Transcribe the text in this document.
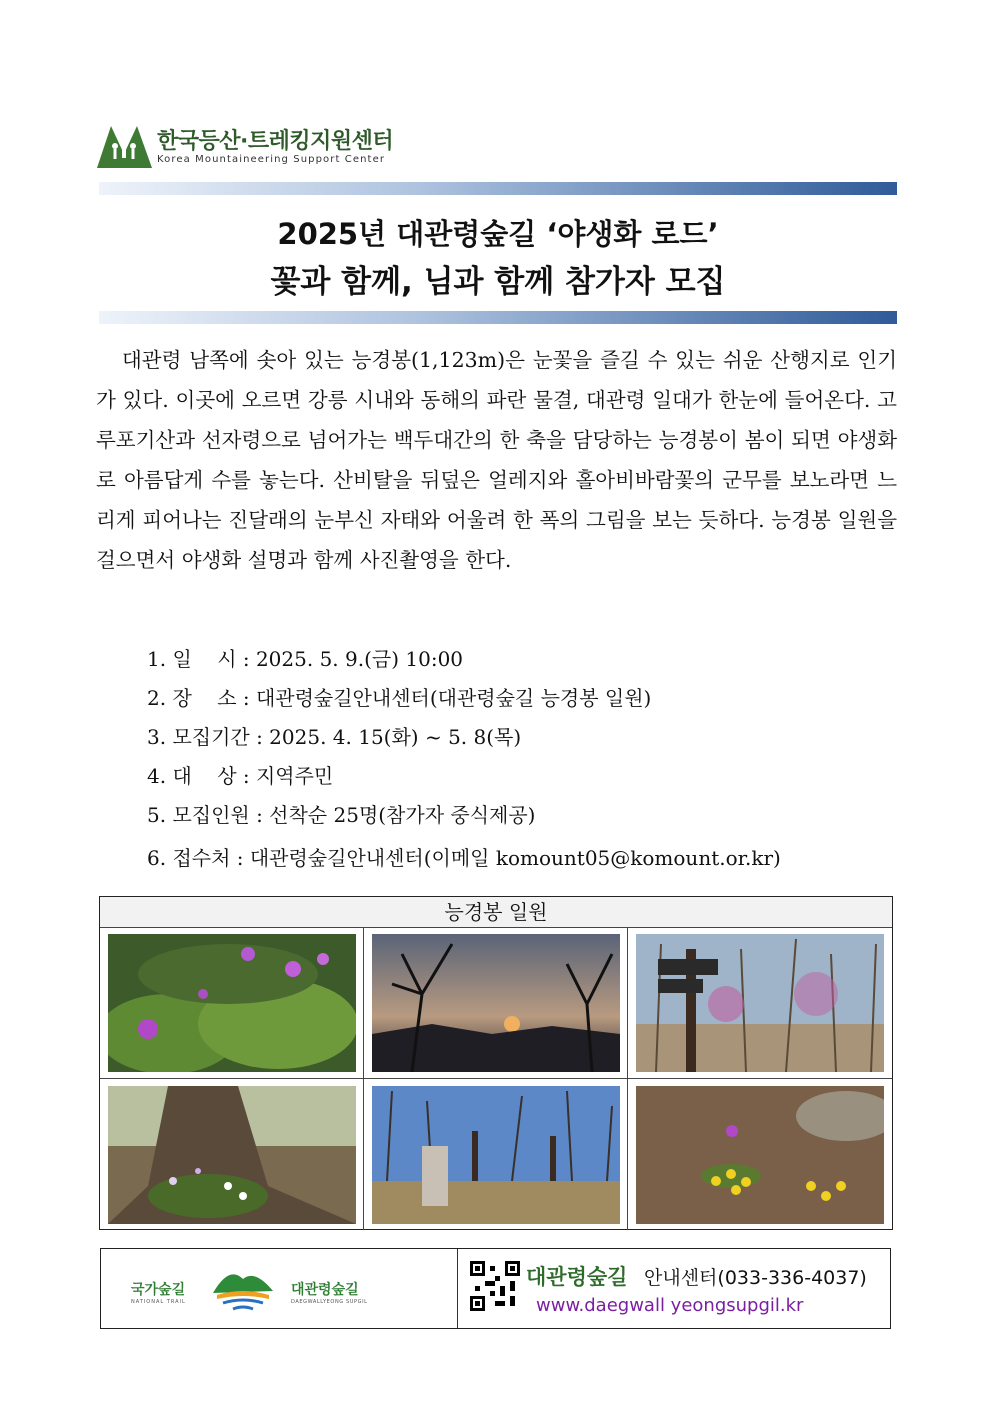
한국등산·트레킹지원센터
Korea Mountaineering Support Center
2025년 대관령숲길 ‘야생화 로드’
꽃과 함께, 님과 함께 참가자 모집

대관령 남쪽에 솟아 있는 능경봉(1,123m)은 눈꽃을 즐길 수 있는 쉬운 산행지로 인기가 있다. 이곳에 오르면 강릉 시내와 동해의 파란 물결, 대관령 일대가 한눈에 들어온다. 고루포기산과 선자령으로 넘어가는 백두대간의 한 축을 담당하는 능경봉이 봄이 되면 야생화로 아름답게 수를 놓는다. 산비탈을 뒤덮은 얼레지와 홀아비바람꽃의 군무를 보노라면 느리게 피어나는 진달래의 눈부신 자태와 어울려 한 폭의 그림을 보는 듯하다. 능경봉 일원을 걸으면서 야생화 설명과 함께 사진촬영을 한다.

1. 일    시 : 2025. 5. 9.(금) 10:00
2. 장    소 : 대관령숲길안내센터(대관령숲길 능경봉 일원)
3. 모집기간 : 2025. 4. 15(화) ~ 5. 8(목)
4. 대    상 : 지역주민
5. 모집인원 : 선착순 25명(참가자 중식제공)
6. 접수처 : 대관령숲길안내센터(이메일 komount05@komount.or.kr)
능경봉 일원
국가숲길
NATIONAL TRAIL
대관령숲길
DAEGWALLYEONG SUPGIL
대관령숲길 안내센터(033-336-4037)
www.daegwall yeongsupgil.kr
